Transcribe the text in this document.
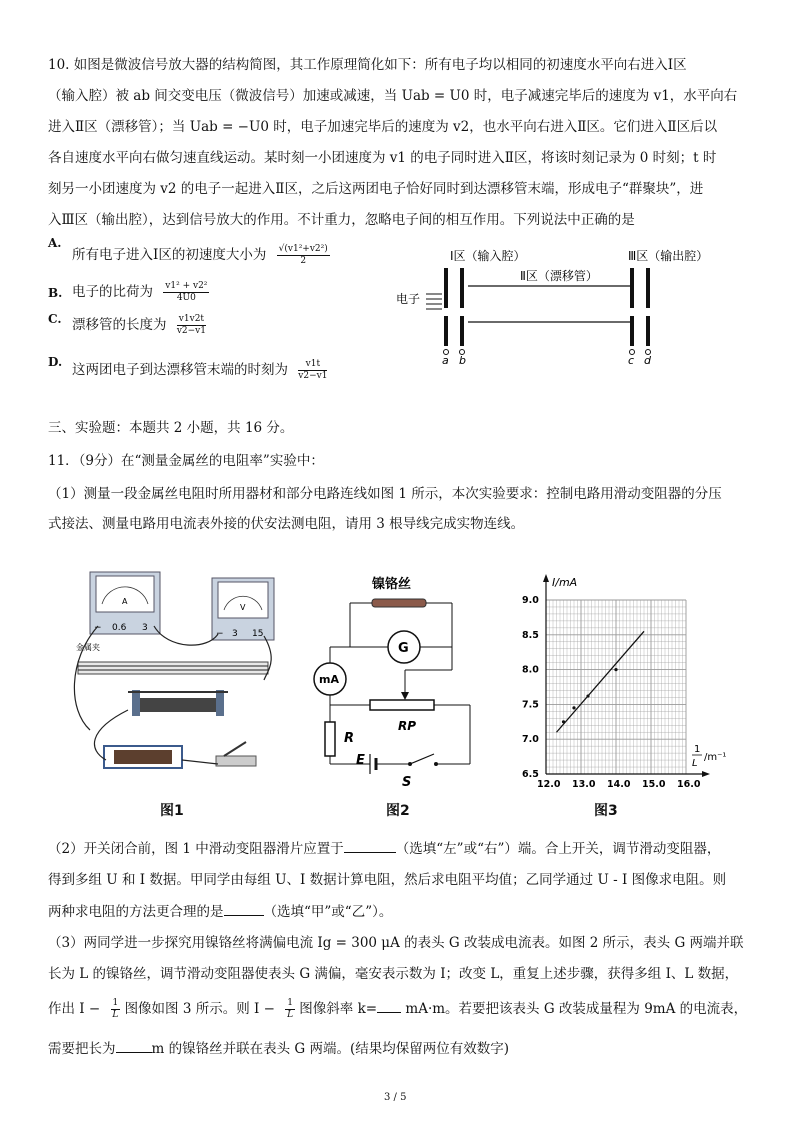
10. 如图是微波信号放大器的结构简图，其工作原理简化如下：所有电子均以相同的初速度水平向右进入Ⅰ区
（输入腔）被 ab 间交变电压（微波信号）加速或减速，当 Uab = U0 时，电子减速完毕后的速度为 v1，水平向右
进入Ⅱ区（漂移管）；当 Uab = −U0 时，电子加速完毕后的速度为 v2，也水平向右进入Ⅱ区。它们进入Ⅱ区后以
各自速度水平向右做匀速直线运动。某时刻一小团速度为 v1 的电子同时进入Ⅱ区，将该时刻记录为 0 时刻；t 时
刻另一小团速度为 v2 的电子一起进入Ⅱ区，之后这两团电子恰好同时到达漂移管末端，形成电子“群聚块”，进
入Ⅲ区（输出腔），达到信号放大的作用。不计重力，忽略电子间的相互作用。下列说法中正确的是
A.
所有电子进入Ⅰ区的初速度大小为 $\frac{\text{√(v1²+v2²)}}{2}$
B. 电子的比荷为 $\frac{\text{v1² + v2²}}{4U0}$
C. 漂移管的长度为 $\frac{v1v2t}{v2-v1}$
D. 这两团电子到达漂移管末端的时刻为 $\frac{v1t}{v2-v1}$
Ⅰ区（输入腔）	Ⅲ区（输出腔）
Ⅱ区（漂移管）
电子
a b	c d
三、实验题：本题共 2 小题，共 16 分。
11．（9分）在“测量金属丝的电阻率”实验中：
（1）测量一段金属丝电阻时所用器材和部分电路连线如图 1 所示，本次实验要求：控制电路用滑动变阻器的分压
式接法、测量电路用电流表外接的伏安法测电阻，请用 3 根导线完成实物连线。
A
− 0.6 3
V
− 3 15
金属夹
图1
镍铬丝
G
mA
RP
R
E
S
图2
12.0 13.0 14.0 15.0 16.0
6.5
7.0
7.5
8.0
8.5
9.0
I/mA
1
L
/m⁻¹
图3
（2）开关闭合前，图 1 中滑动变阻器滑片应置于	（选填“左”或“右”）端。合上开关，调节滑动变阻器，
得到多组 U 和 I 数据。甲同学由每组 U、I 数据计算电阻，然后求电阻平均值；乙同学通过 U - I 图像求电阻。则
两种求电阻的方法更合理的是	（选填“甲”或“乙”）。
（3）两同学进一步探究用镍铬丝将满偏电流 Ig = 300 μA 的表头 G 改装成电流表。如图 2 所示，表头 G 两端并联
长为 L 的镍铬丝，调节滑动变阻器使表头 G 满偏，毫安表示数为 I；改变 L，重复上述步骤，获得多组 I、L 数据，
作出 $I - \frac{1}{L}$ 图像如图 3 所示。则 $I - \frac{1}{L}$ 图像斜率 k= mA·m。若要把该表头 G 改装成量程为 9mA 的电流表，
需要把长为	m 的镍铬丝并联在表头 G 两端。(结果均保留两位有效数字)
3 / 5
